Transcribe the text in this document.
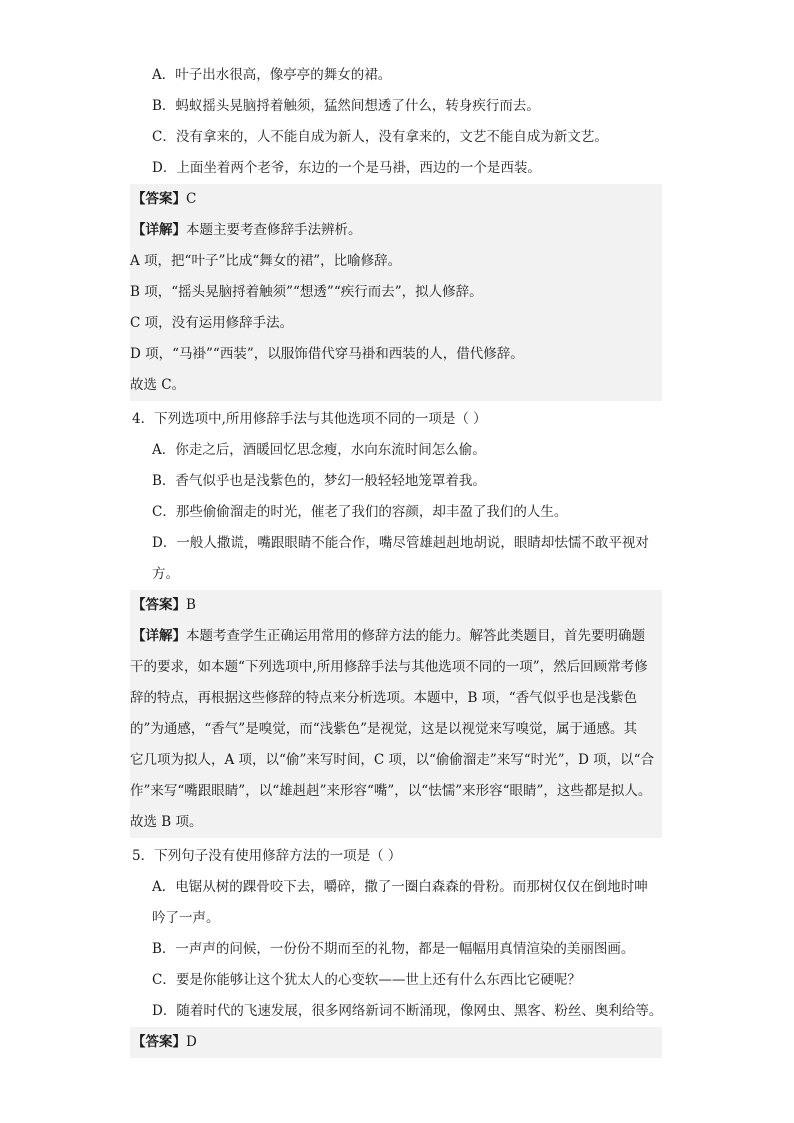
A．叶子出水很高，像亭亭的舞女的裙。
B．蚂蚁摇头晃脑捋着触须，猛然间想透了什么，转身疾行而去。
C．没有拿来的，人不能自成为新人，没有拿来的，文艺不能自成为新文艺。
D．上面坐着两个老爷，东边的一个是马褂，西边的一个是西装。
【答案】C
【详解】本题主要考查修辞手法辨析。
A 项，把“叶子”比成“舞女的裙”，比喻修辞。
B 项，“摇头晃脑捋着触须”“想透”“疾行而去”，拟人修辞。
C 项，没有运用修辞手法。
D 项，“马褂”“西装”，以服饰借代穿马褂和西装的人，借代修辞。
故选 C。
4．下列选项中,所用修辞手法与其他选项不同的一项是（ ）
A．你走之后，酒暖回忆思念瘦，水向东流时间怎么偷。
B．香气似乎也是浅紫色的，梦幻一般轻轻地笼罩着我。
C．那些偷偷溜走的时光，催老了我们的容颜，却丰盈了我们的人生。
D．一般人撒谎，嘴跟眼睛不能合作，嘴尽管雄赳赳地胡说，眼睛却怯懦不敢平视对
方。
【答案】B
【详解】本题考查学生正确运用常用的修辞方法的能力。解答此类题目，首先要明确题
干的要求，如本题“下列选项中,所用修辞手法与其他选项不同的一项”，然后回顾常考修
辞的特点，再根据这些修辞的特点来分析选项。本题中，B 项，“香气似乎也是浅紫色
的”为通感，“香气”是嗅觉，而“浅紫色”是视觉，这是以视觉来写嗅觉，属于通感。其
它几项为拟人，A 项，以“偷”来写时间，C 项，以“偷偷溜走”来写“时光”，D 项，以“合
作”来写“嘴跟眼睛”，以“雄赳赳”来形容“嘴”，以“怯懦”来形容“眼睛”，这些都是拟人。
故选 B 项。
5．下列句子没有使用修辞方法的一项是（ ）
A．电锯从树的踝骨咬下去，嚼碎，撒了一圈白森森的骨粉。而那树仅仅在倒地时呻
吟了一声。
B．一声声的问候，一份份不期而至的礼物，都是一幅幅用真情渲染的美丽图画。
C．要是你能够让这个犹太人的心变软——世上还有什么东西比它硬呢？
D．随着时代的飞速发展，很多网络新词不断涌现，像网虫、黑客、粉丝、奥利给等。
【答案】D
